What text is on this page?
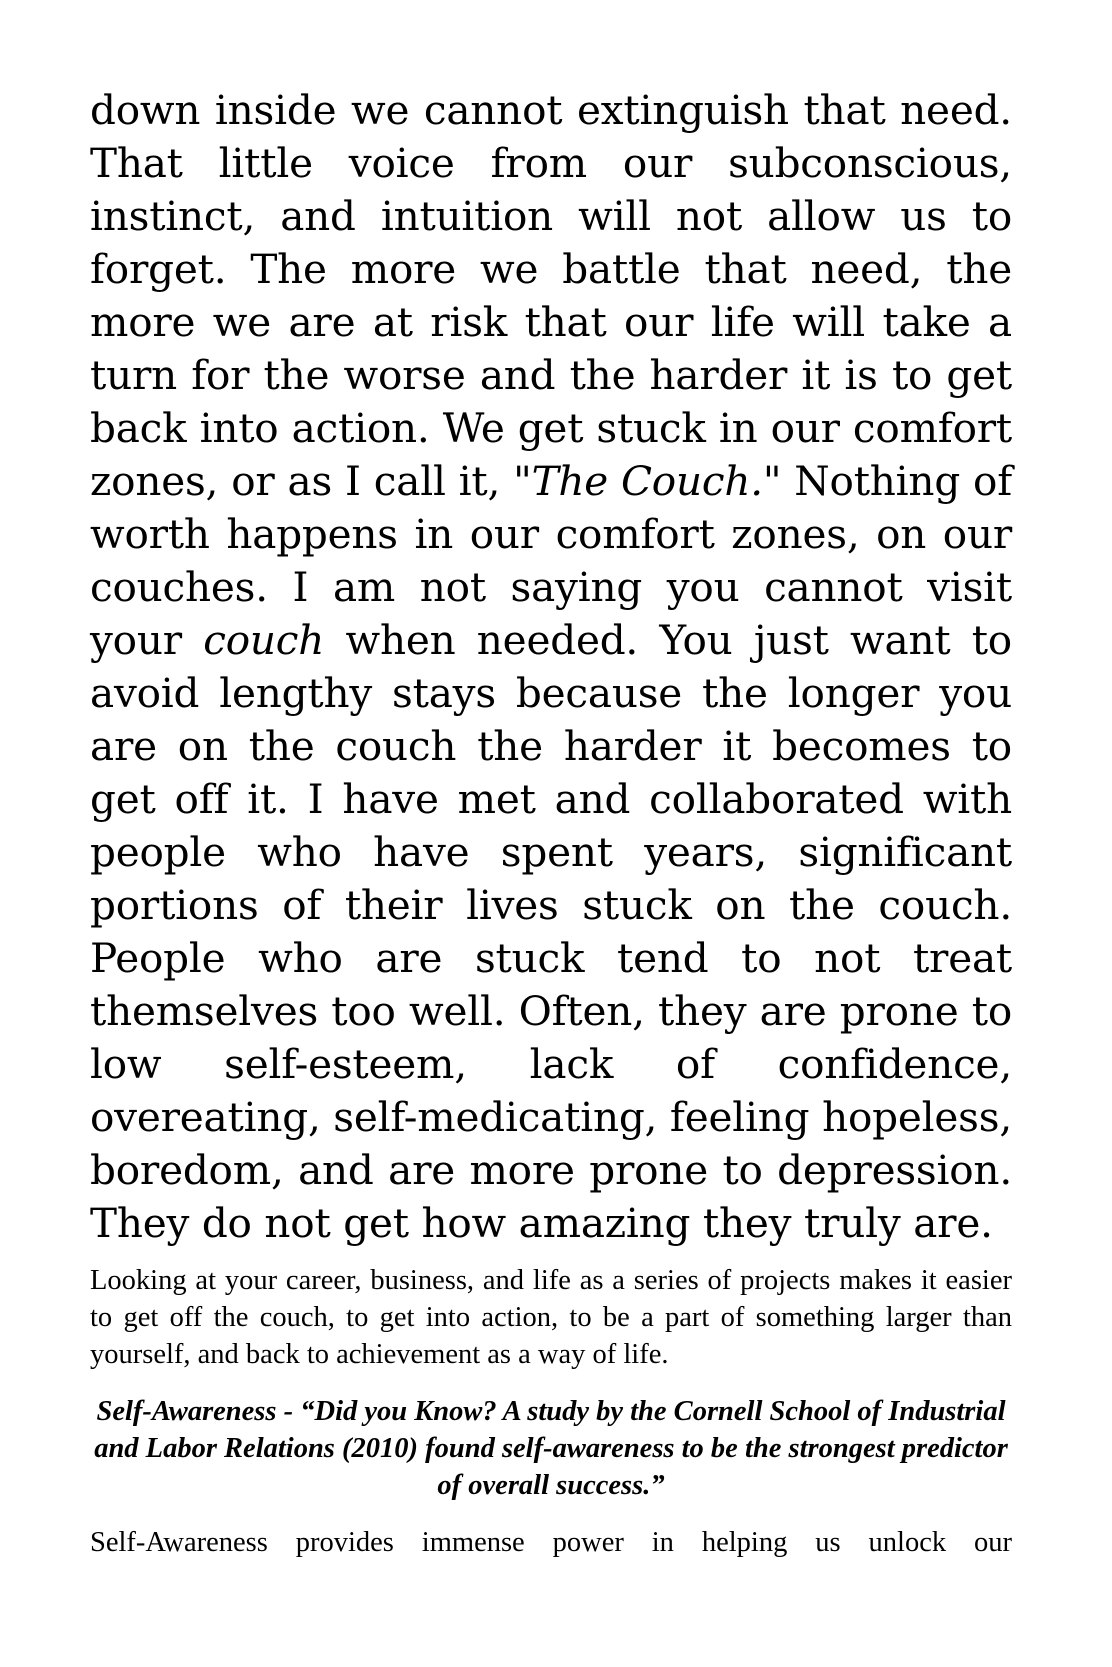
down inside we cannot extinguish that need. That little voice from our subconscious, instinct, and intuition will not allow us to forget. The more we battle that need, the more we are at risk that our life will take a turn for the worse and the harder it is to get back into action. We get stuck in our comfort zones, or as I call it, "The Couch." Nothing of worth happens in our comfort zones, on our couches. I am not saying you cannot visit your couch when needed. You just want to avoid lengthy stays because the longer you are on the couch the harder it becomes to get off it. I have met and collaborated with people who have spent years, significant portions of their lives stuck on the couch. People who are stuck tend to not treat themselves too well. Often, they are prone to low self-esteem, lack of confidence, overeating, self-medicating, feeling hopeless, boredom, and are more prone to depression. They do not get how amazing they truly are.

Looking at your career, business, and life as a series of projects makes it easier to get off the couch, to get into action, to be a part of something larger than yourself, and back to achievement as a way of life.

Self-Awareness - “Did you Know? A study by the Cornell School of Industrial and Labor Relations (2010) found self-awareness to be the strongest predictor of overall success.”

Self-Awareness provides immense power in helping us unlock our
